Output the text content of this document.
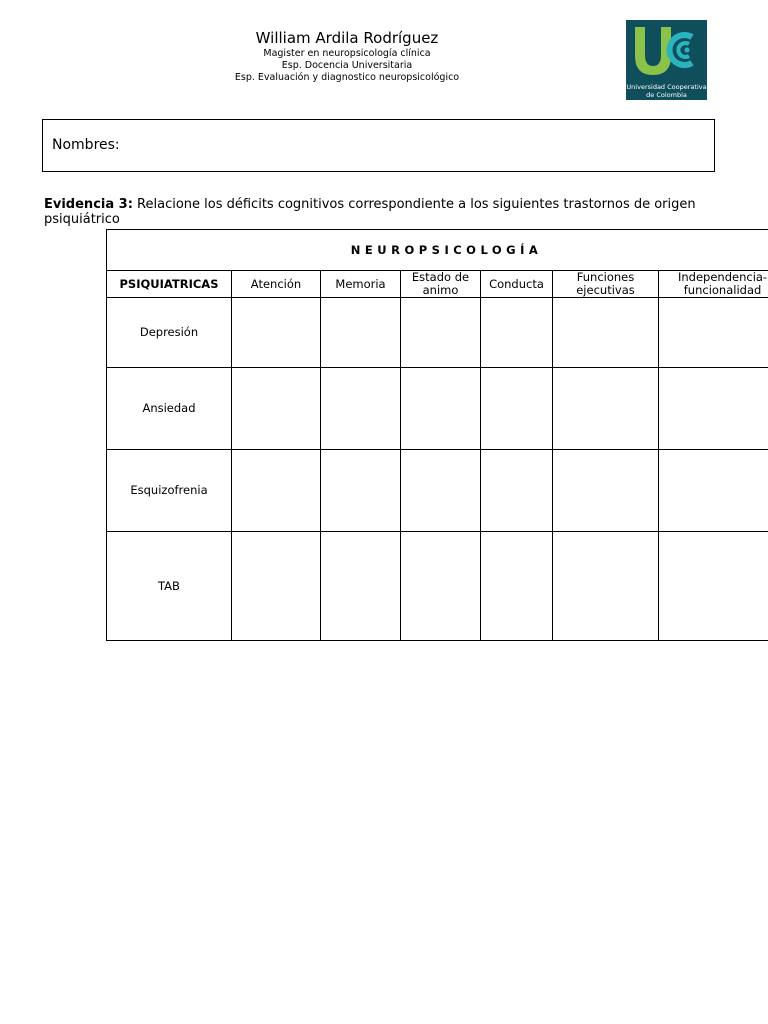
William Ardila Rodríguez
Magister en neuropsicología clínica
Esp. Docencia Universitaria
Esp. Evaluación y diagnostico neuropsicológico
Universidad Cooperativa
de Colombia
Nombres:
Evidencia 3: Relacione los déficits cognitivos correspondiente a los siguientes trastornos de origen psiquiátrico
NEUROPSICOLOGÍA						
PSIQUIATRICAS	Atención	Memoria	Estado de animo	Conducta	Funciones ejecutivas	Independencia-funcionalidad
Depresión						
Ansiedad						
Esquizofrenia						
TAB						
